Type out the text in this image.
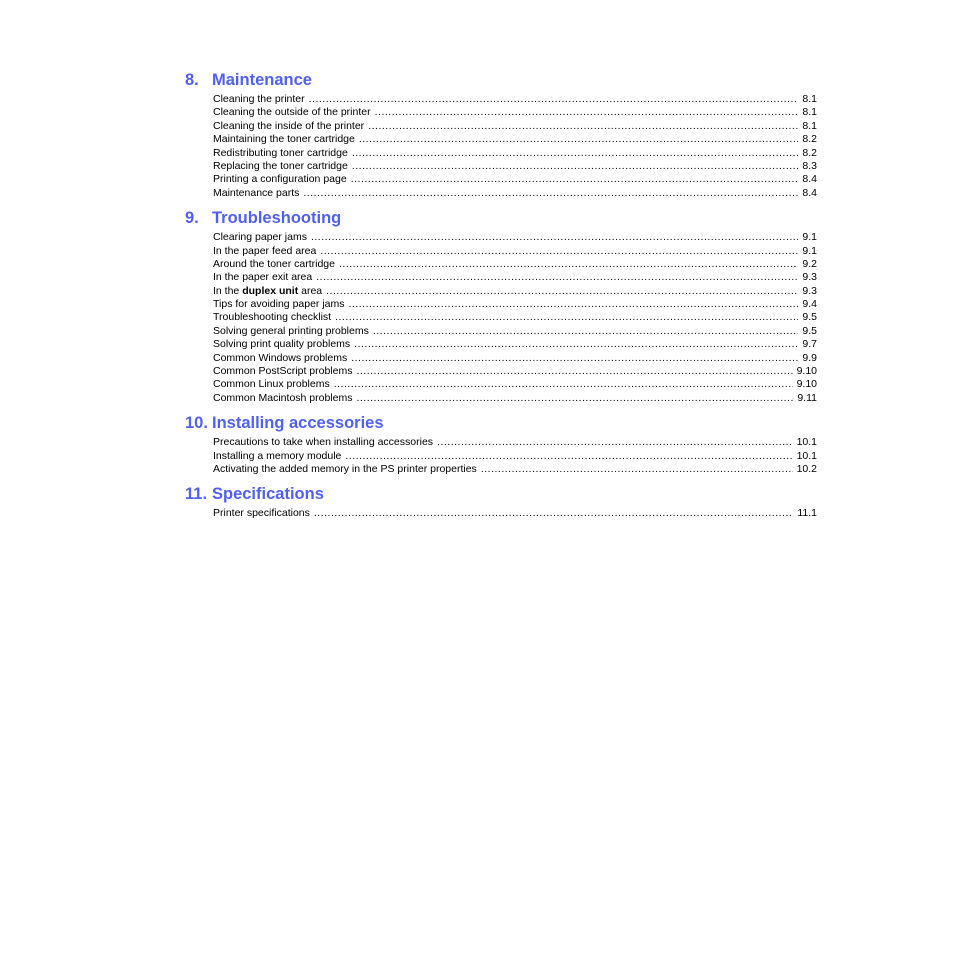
8. Maintenance
Cleaning the printer .....	8.1
Cleaning the outside of the printer .....	8.1
Cleaning the inside of the printer .....	8.1
Maintaining the toner cartridge .....	8.2
Redistributing toner cartridge .....	8.2
Replacing the toner cartridge .....	8.3
Printing a configuration page .....	8.4
Maintenance parts .....	8.4
9. Troubleshooting
Clearing paper jams .....	9.1
In the paper feed area .....	9.1
Around the toner cartridge .....	9.2
In the paper exit area .....	9.3
In the duplex unit area .....	9.3
Tips for avoiding paper jams .....	9.4
Troubleshooting checklist .....	9.5
Solving general printing problems .....	9.5
Solving print quality problems .....	9.7
Common Windows problems .....	9.9
Common PostScript problems .....	9.10
Common Linux problems .....	9.10
Common Macintosh problems .....	9.11
10. Installing accessories
Precautions to take when installing accessories .....	10.1
Installing a memory module .....	10.1
Activating the added memory in the PS printer properties .....	10.2
11. Specifications
Printer specifications .....	11.1
